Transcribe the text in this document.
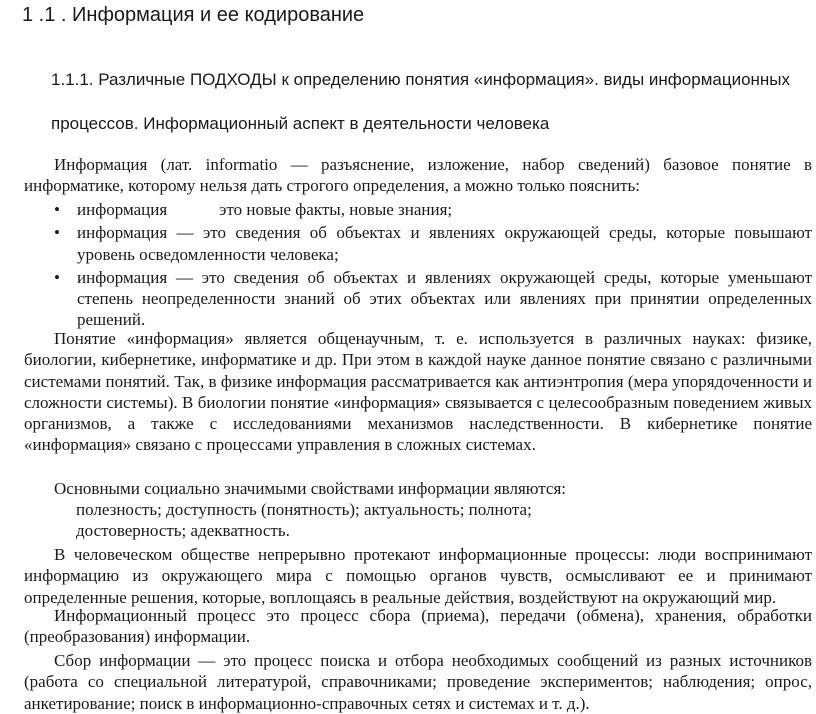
1 .1 . Информация и ее кодирование
1.1.1. Различные ПОДХОДЫ к определению понятия «информация». виды информационных
процессов. Информационный аспект в деятельности человека
Информация (лат. informatio — разъяснение, изложение, набор сведений) базовое понятие в информатике, которому нельзя дать строгого определения, а можно только пояснить:
• информация	это новые факты, новые знания;
• информация — это сведения об объектах и явлениях окружающей среды, которые повышают уровень осведомленности человека;
• информация — это сведения об объектах и явлениях окружающей среды, которые уменьшают степень неопределенности знаний об этих объектах или явлениях при принятии определенных решений.
Понятие «информация» является общенаучным, т. е. используется в различных науках: физике, биологии, кибернетике, информатике и др. При этом в каждой науке данное понятие связано с различными системами понятий. Так, в физике информация рассматривается как антиэнтропия (мера упорядоченности и сложности системы). В биологии понятие «информация» связывается с целесообразным поведением живых организмов, а также с исследованиями механизмов наследственности. В кибернетике понятие «информация» связано с процессами управления в сложных системах.
Основными социально значимыми свойствами информации являются:
полезность; доступность (понятность); актуальность; полнота;
достоверность; адекватность.
В человеческом обществе непрерывно протекают информационные процессы: люди воспринимают информацию из окружающего мира с помощью органов чувств, осмысливают ее и принимают определенные решения, которые, воплощаясь в реальные действия, воздействуют на окружающий мир.
Информационный процесс это процесс сбора (приема), передачи (обмена), хранения, обработки (преобразования) информации.
Сбор информации — это процесс поиска и отбора необходимых сообщений из разных источников (работа со специальной литературой, справочниками; проведение экспериментов; наблюдения; опрос, анкетирование; поиск в информационно-справочных сетях и системах и т. д.).
